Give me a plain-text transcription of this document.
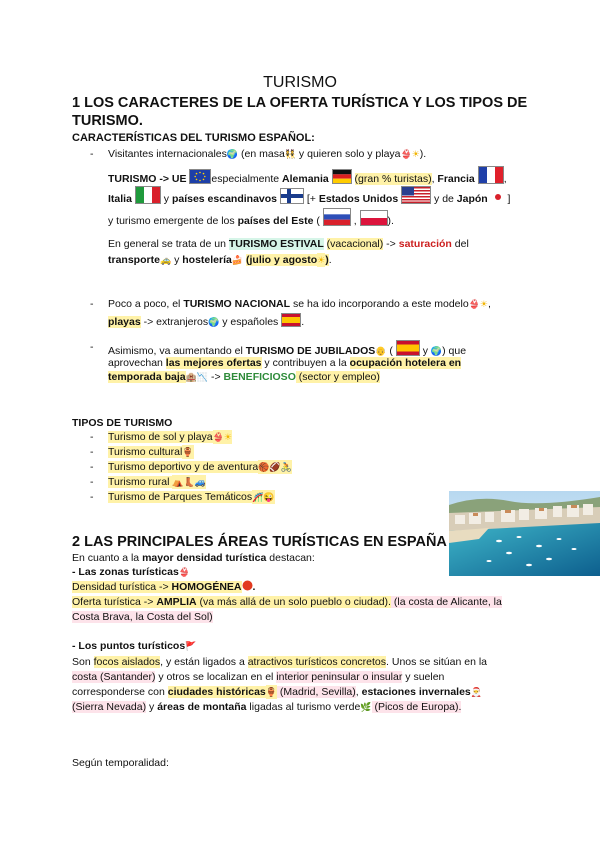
TURISMO
1 LOS CARACTERES DE LA OFERTA TURÍSTICA Y LOS TIPOS DE
TURISMO.
CARACTERÍSTICAS DEL TURISMO ESPAÑOL:
- Visitantes internacionales🌍 (en masa👯 y quieren solo y playa👙☀).
TURISMO -> UE especialmente Alemania (gran % turistas), Francia	,
Italia	y países escandinavos	[+ Estados Unidos	y de Japón  ]
y turismo emergente de los países del Este (	,	).
En general se trata de un TURISMO ESTIVAL (vacacional) -> saturación del
transporte🚕 y hostelería🍰 (julio y agosto☀).
- Poco a poco, el TURISMO NACIONAL se ha ido incorporando a este modelo👙☀,
playas -> extranjeros🌍 y españoles .
- Asimismo, va aumentando el TURISMO DE JUBILADOS👴 (	y 🌍) que
aprovechan las mejores ofertas y contribuyen a la ocupación hotelera en
temporada baja🏨📉 -> BENEFICIOSO (sector y empleo)
TIPOS DE TURISMO
- Turismo de sol y playa👙☀
- Turismo cultural🏺
- Turismo deportivo y de aventura🏀🏈🚴
- Turismo rural ⛺👢🚙
- Turismo de Parques Temáticos🎢😜
2 LAS PRINCIPALES ÁREAS TURÍSTICAS EN ESPAÑA
En cuanto a la mayor densidad turística destacan:
- Las zonas turísticas👙
Densidad turística -> HOMOGÉNEA .
Oferta turística -> AMPLIA (va más allá de un solo pueblo o ciudad). (la costa de Alicante, la
Costa Brava, la Costa del Sol)
- Los puntos turísticos🚩
Son focos aislados, y están ligados a atractivos turísticos concretos. Unos se sitúan en la
costa (Santander) y otros se localizan en el interior peninsular o insular y suelen
corresponderse con ciudades históricas🏺 (Madrid, Sevilla), estaciones invernales🎅
(Sierra Nevada) y áreas de montaña ligadas al turismo verde🌿 (Picos de Europa).
Según temporalidad:
